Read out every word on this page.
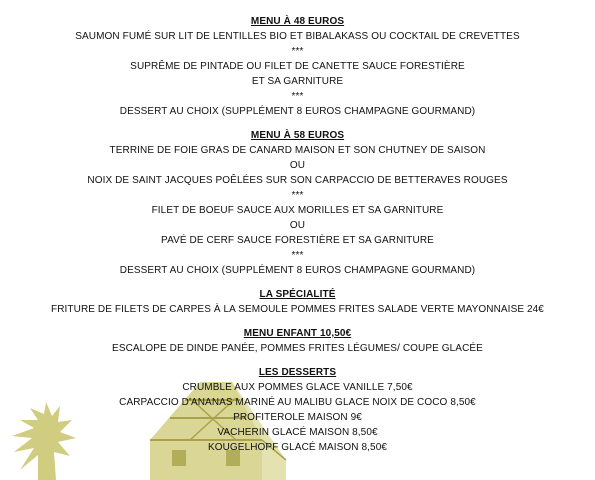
MENU À 48 EUROS
SAUMON FUMÉ SUR LIT DE LENTILLES BIO ET BIBALAKASS OU COCKTAIL DE CREVETTES
***
SUPRÊME DE PINTADE OU FILET DE CANETTE SAUCE FORESTIÈRE
ET SA GARNITURE
***
DESSERT AU CHOIX (SUPPLÉMENT 8 EUROS CHAMPAGNE GOURMAND)
MENU À 58 EUROS
TERRINE DE FOIE GRAS DE CANARD MAISON ET SON CHUTNEY DE SAISON
OU
NOIX DE SAINT JACQUES POÊLÉES SUR SON CARPACCIO DE BETTERAVES ROUGES
***
FILET DE BOEUF SAUCE AUX MORILLES ET SA GARNITURE
OU
PAVÉ DE CERF SAUCE FORESTIÈRE ET SA GARNITURE
***
DESSERT AU CHOIX (SUPPLÉMENT 8 EUROS CHAMPAGNE GOURMAND)
LA SPÉCIALITÉ
FRITURE DE FILETS DE CARPES À LA SEMOULE POMMES FRITES SALADE VERTE MAYONNAISE 24€
MENU ENFANT 10,50€
ESCALOPE DE DINDE PANÉE, POMMES FRITES LÉGUMES/ COUPE GLACÉE
LES DESSERTS
CRUMBLE AUX POMMES GLACE VANILLE 7,50€
CARPACCIO D'ANANAS MARINÉ AU MALIBU GLACE NOIX DE COCO 8,50€
PROFITEROLE MAISON 9€
VACHERIN GLACÉ MAISON 8,50€
KOUGELHOPF GLACÉ MAISON 8,50€
